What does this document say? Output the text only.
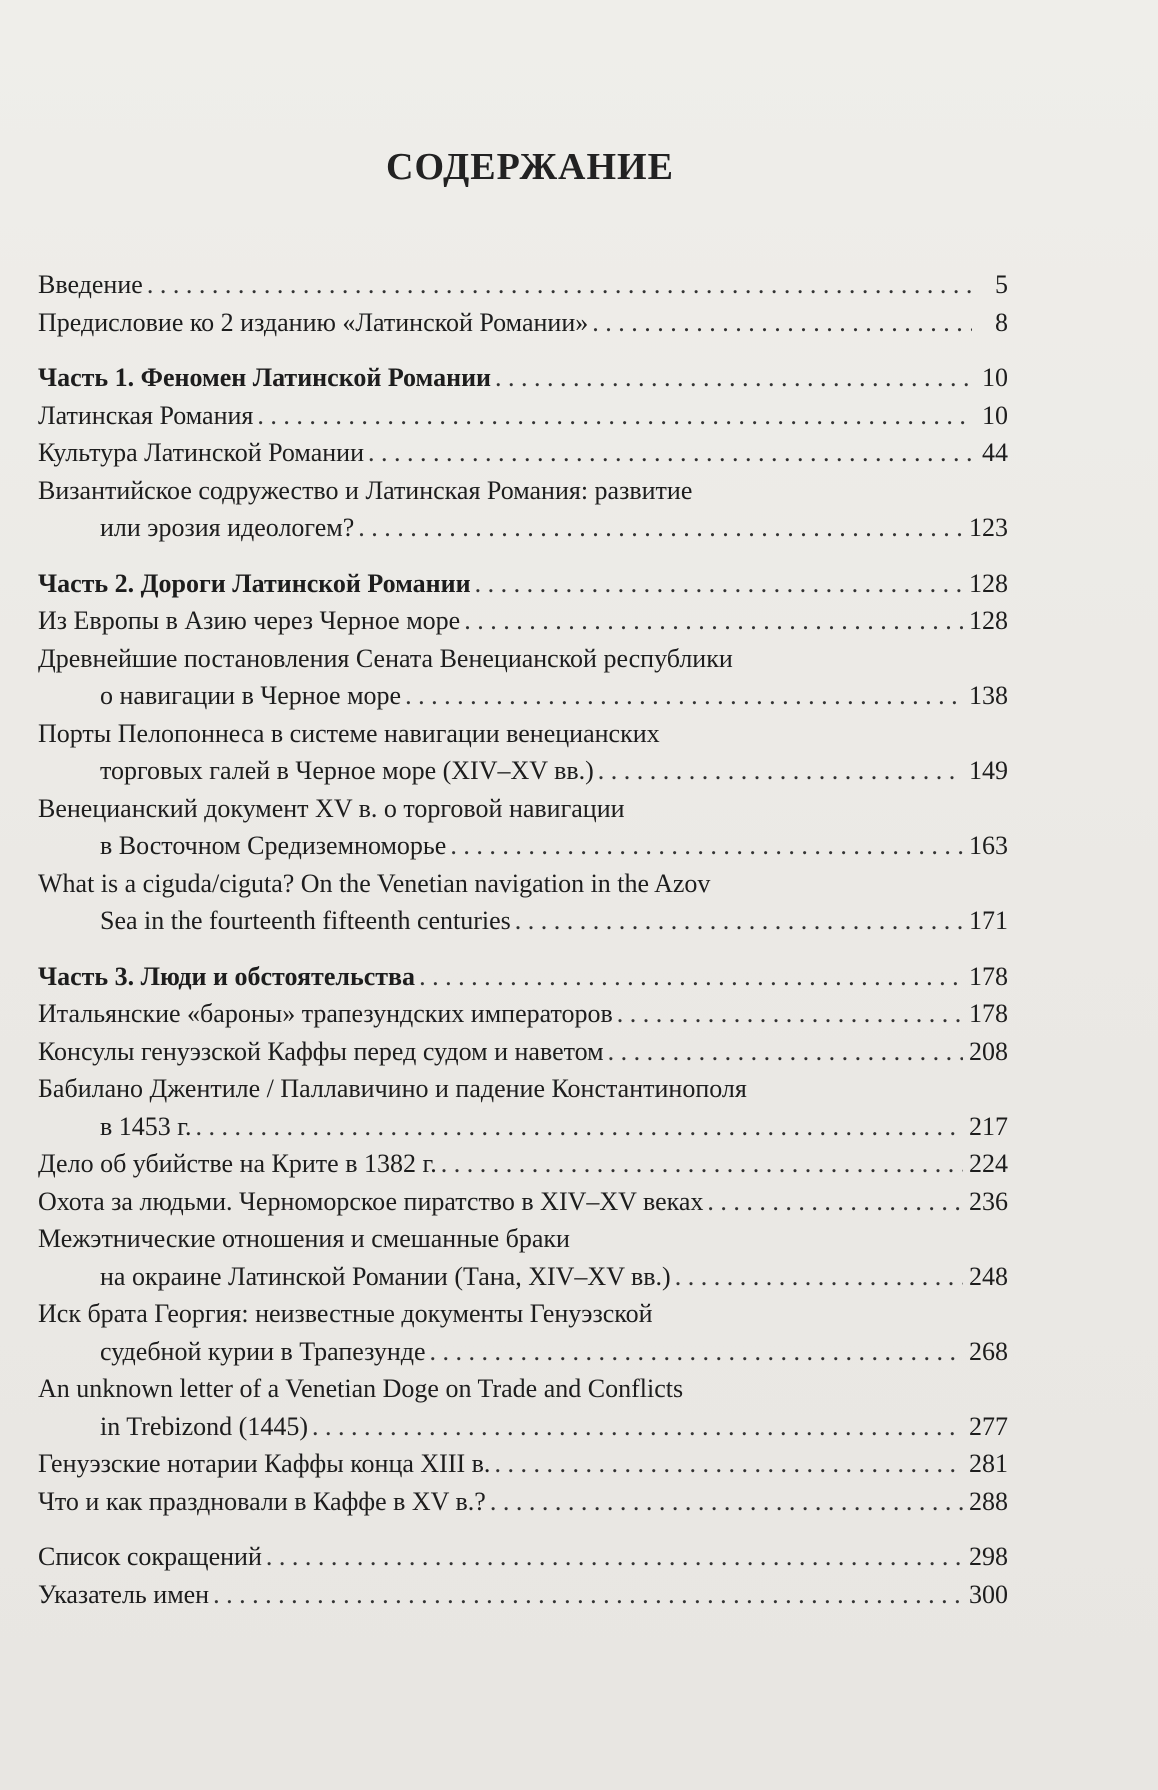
СОДЕРЖАНИЕ
Введение . . .	5
Предисловие ко 2 изданию «Латинской Романии» . . .	8
Часть 1. Феномен Латинской Романии . . .	10
Латинская Романия . . .	10
Культура Латинской Романии . . .	44
Византийское содружество и Латинская Романия: развитие
или эрозия идеологем? . . .	123
Часть 2. Дороги Латинской Романии . . .	128
Из Европы в Азию через Черное море . . .	128
Древнейшие постановления Сената Венецианской республики
о навигации в Черное море . . .	138
Порты Пелопоннеса в системе навигации венецианских
торговых галей в Черное море (XIV–XV вв.) . . .	149
Венецианский документ XV в. о торговой навигации
в Восточном Средиземноморье . . .	163
What is a ciguda/ciguta? On the Venetian navigation in the Azov
Sea in the fourteenth fifteenth centuries . . .	171
Часть 3. Люди и обстоятельства . . .	178
Итальянские «бароны» трапезундских императоров . . .	178
Консулы генуэзской Каффы перед судом и наветом . . .	208
Бабилано Джентиле / Паллавичино и падение Константинополя
в 1453 г. . . .	217
Дело об убийстве на Крите в 1382 г. . . .	224
Охота за людьми. Черноморское пиратство в XIV–XV веках . . .	236
Межэтнические отношения и смешанные браки
на окраине Латинской Романии (Тана, XIV–XV вв.) . . .	248
Иск брата Георгия: неизвестные документы Генуэзской
судебной курии в Трапезунде . . .	268
An unknown letter of a Venetian Doge on Trade and Conflicts
in Trebizond (1445) . . .	277
Генуэзские нотарии Каффы конца XIII в. . . .	281
Что и как праздновали в Каффе в XV в.? . . .	288
Список сокращений . . .	298
Указатель имен . . .	300
